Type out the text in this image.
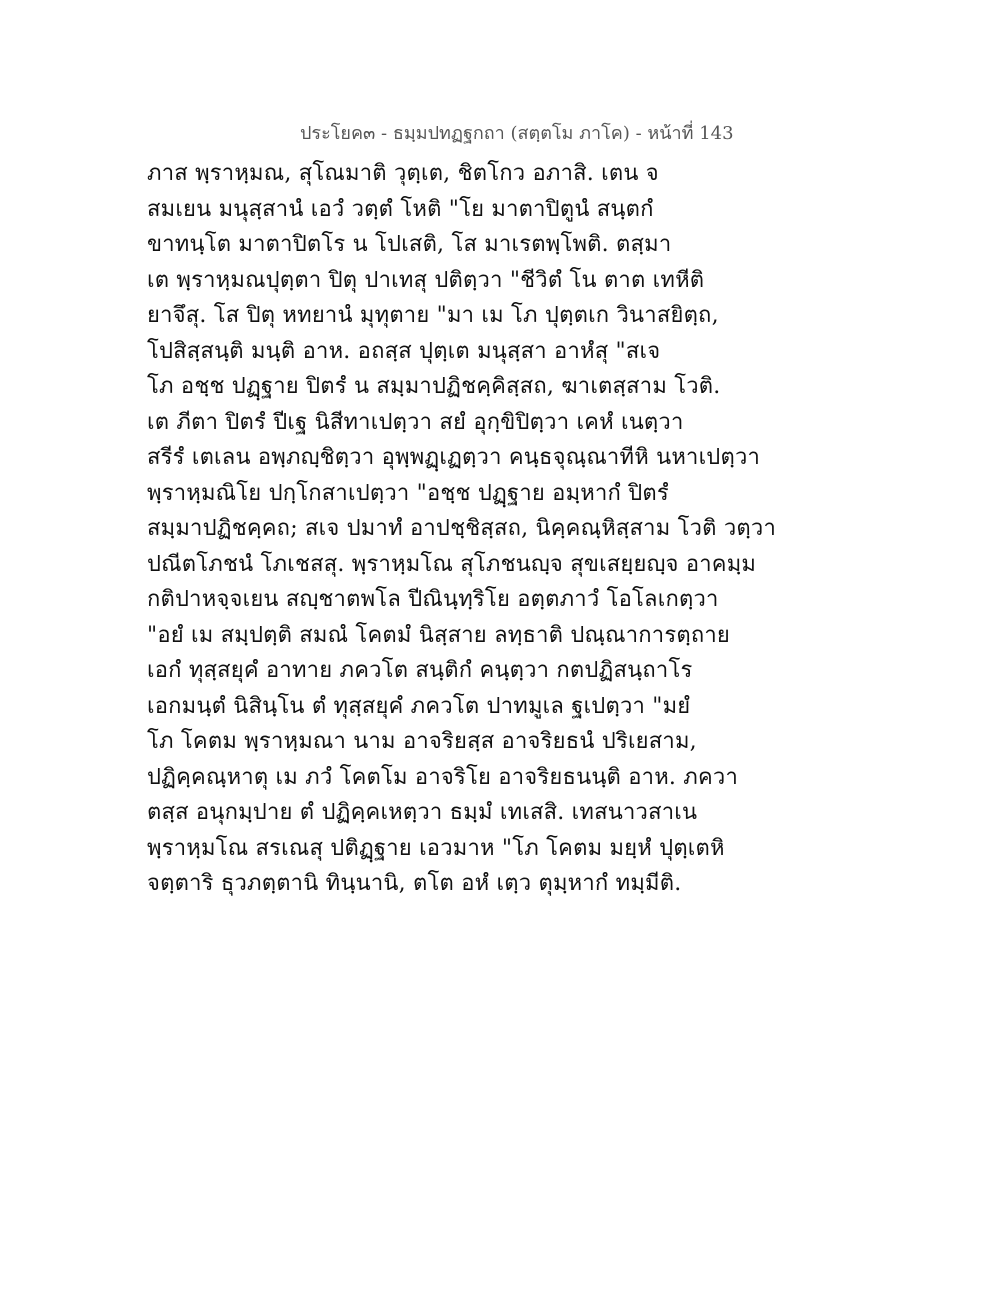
ประโยค๓ - ธมฺมปทฏฐกถา (สตฺตโม ภาโค) - หน้าที่ 143
ภาส พฺราหฺมณ, สุโณมาติ วุตฺเต, ชิตโกว อภาสิ. เตน จ
สมเยน มนุสฺสานํ เอวํ วตฺตํ โหติ "โย มาตาปิตูนํ สนฺตกํ
ขาทนฺโต มาตาปิตโร น โปเสติ, โส มาเรตพฺโพติ. ตสฺมา
เต พฺราหฺมณปุตฺตา ปิตุ ปาเทสุ ปติตฺวา "ชีวิตํ โน ตาต เทหีติ
ยาจึสุ. โส ปิตุ หทยานํ มุทุตาย "มา เม โภ ปุตฺตเก วินาสยิตฺถ,
โปสิสฺสนฺติ มนฺติ อาห. อถสฺส ปุตฺเต มนุสฺสา อาหํสุ "สเจ
โภ อชฺช ปฏฺฐาย ปิตรํ น สมฺมาปฏิชคฺคิสฺสถ, ฆาเตสฺสาม โวติ.
เต ภีตา ปิตรํ ปีเฐ นิสีทาเปตฺวา สยํ อุกฺขิปิตฺวา เคหํ เนตฺวา
สรีรํ เตเลน อพฺภญฺชิตฺวา อุพฺพฏฺเฏตฺวา คนฺธจุณฺณาทีหิ นหาเปตฺวา
พฺราหฺมณิโย ปกฺโกสาเปตฺวา "อชฺช ปฏฺฐาย อมฺหากํ ปิตรํ
สมฺมาปฏิชคฺคถ; สเจ ปมาทํ อาปชฺชิสฺสถ, นิคฺคณฺหิสฺสาม โวติ วตฺวา
ปณีตโภชนํ โภเชสสุ. พฺราหฺมโณ สุโภชนญฺจ สุขเสยฺยญฺจ อาคมฺม
กติปาหจฺจเยน สญฺชาตพโล ปีณินฺทฺริโย อตฺตภาวํ โอโลเกตฺวา
"อยํ เม สมฺปตฺติ สมณํ โคตมํ นิสฺสาย ลทฺธาติ ปณฺณาการตฺถาย
เอกํ ทุสฺสยุคํ อาทาย ภควโต สนฺติกํ คนฺตฺวา กตปฏิสนฺถาโร
เอกมนฺตํ นิสินฺโน ตํ ทุสฺสยุคํ ภควโต ปาทมูเล ฐเปตฺวา "มยํ
โภ โคตม พฺราหฺมณา นาม อาจริยสฺส อาจริยธนํ ปริเยสาม,
ปฏิคฺคณฺหาตุ เม ภวํ โคตโม อาจริโย อาจริยธนนฺติ อาห. ภควา
ตสฺส อนุกมฺปาย ตํ ปฏิคฺคเหตฺวา ธมฺมํ เทเสสิ. เทสนาวสาเน
พฺราหฺมโณ สรเณสุ ปติฏฺฐาย เอวมาห "โภ โคตม มยฺหํ ปุตฺเตหิ
จตฺตาริ ธุวภตฺตานิ ทินฺนานิ, ตโต อหํ เตฺว ตุมฺหากํ ทมฺมีติ.
